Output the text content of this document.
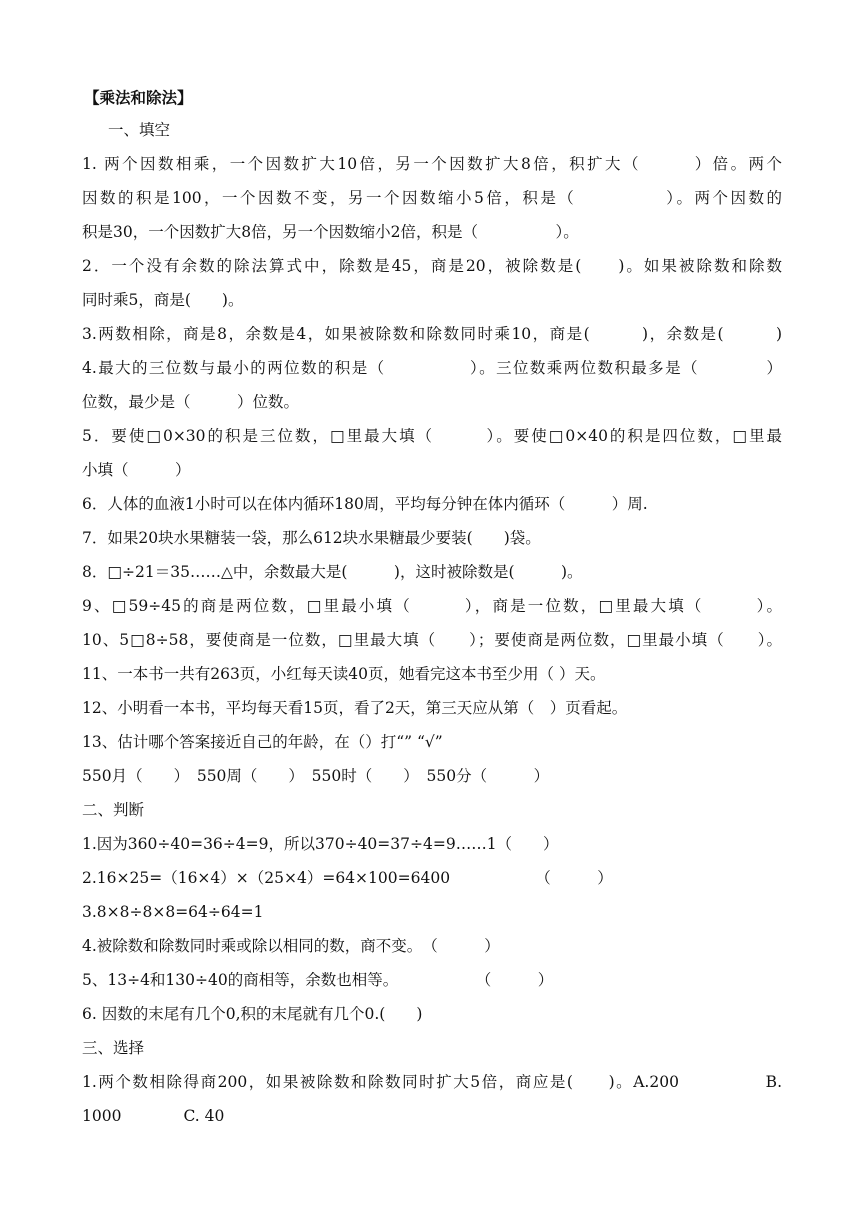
【乘法和除法】
一、填空
1. 两个因数相乘，一个因数扩大10倍，另一个因数扩大8倍，积扩大（　　　）倍。两个
因数的积是100，一个因数不变，另一个因数缩小5倍，积是（　　　　　）。两个因数的
积是30，一个因数扩大8倍，另一个因数缩小2倍，积是（　　　　　）。
2．一个没有余数的除法算式中，除数是45，商是20，被除数是(　　)。如果被除数和除数
同时乘5，商是(　　)。
3.两数相除，商是8，余数是4，如果被除数和除数同时乘10，商是(　　　)，余数是(　　　)
4.最大的三位数与最小的两位数的积是（　　　　　）。三位数乘两位数积最多是（　　　　）
位数，最少是（　　　）位数。
5．要使□0×30的积是三位数，□里最大填（　　　）。要使□0×40的积是四位数，□里最
小填（　　　）
6．人体的血液1小时可以在体内循环180周，平均每分钟在体内循环（　　　）周.
7．如果20块水果糖装一袋，那么612块水果糖最少要装(　　)袋。
8．□÷21＝35……△中，余数最大是(　　　)，这时被除数是(　　　)。
9、□59÷45的商是两位数，□里最小填（　　　），商是一位数，□里最大填（　　　）。
10、5□8÷58，要使商是一位数，□里最大填（　　）；要使商是两位数，□里最小填（　　）。
11、一本书一共有263页，小红每天读40页，她看完这本书至少用（ ）天。
12、小明看一本书，平均每天看15页，看了2天，第三天应从第（　）页看起。
13、估计哪个答案接近自己的年龄，在（）打“” “√”
550月（　　）　550周（　　）　550时（　　）　550分（　　　）
二、判断
1.因为360÷40=36÷4=9，所以370÷40=37÷4=9……1（　　）
2.16×25=（16×4）×（25×4）=64×100=6400　　　　　　（　　　）
3.8×8÷8×8=64÷64=1
4.被除数和除数同时乘或除以相同的数，商不变。　（　　　）
5、13÷4和130÷40的商相等，余数也相等。　　　　　　（　　　）
6. 因数的末尾有几个0,积的末尾就有几个0.(　　)
三、选择
1.两个数相除得商200，如果被除数和除数同时扩大5倍，商应是(　　)。A.200　　　　　B.
1000　　　　C. 40
